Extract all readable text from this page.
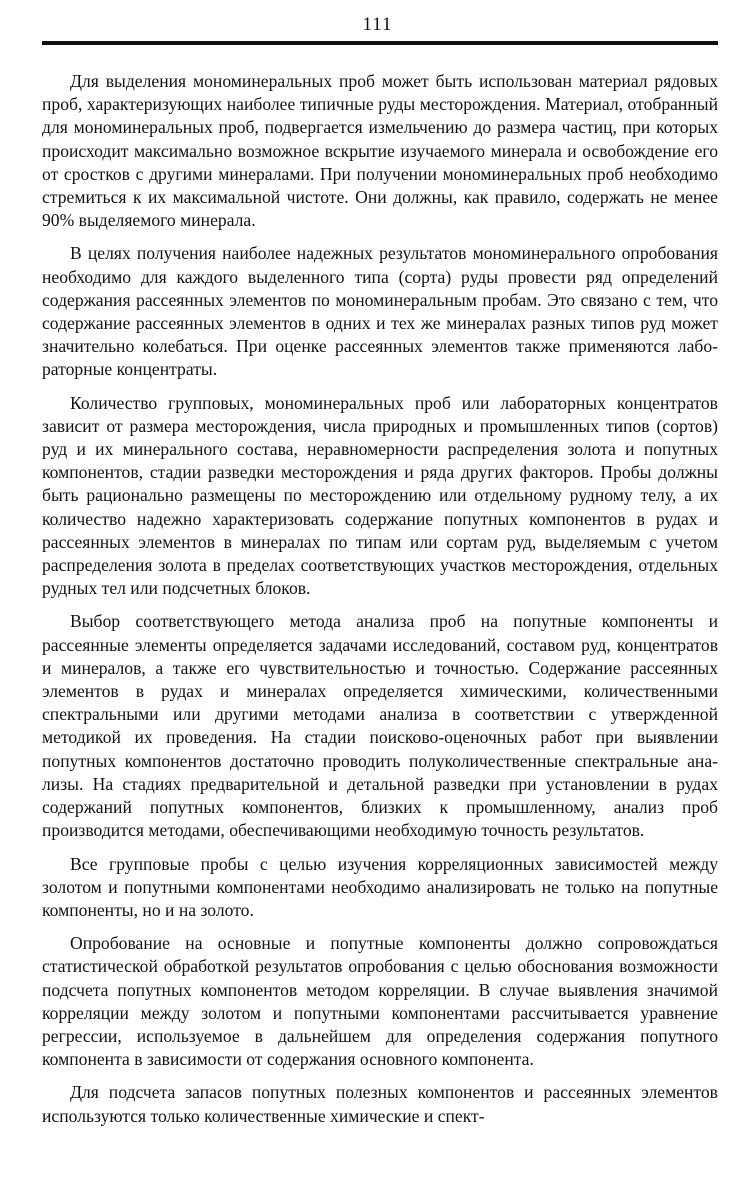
111

Для выделения мономинеральных проб может быть использован материал рядовых проб, характеризующих наиболее типичные руды месторождения. Материал, отобранный для мономинеральных проб, подвергается измельчению до размера частиц, при которых происходит максимально возможное вскрытие изучаемого минерала и освобождение его от сростков с другими минералами. При получении мономинеральных проб необходимо стремиться к их максимальной чистоте. Они должны, как правило, содержать не менее 90% выделяемого минерала.

В целях получения наиболее надежных результатов мономинерального опробования необходимо для каждого выделенного типа (сорта) руды провести ряд определений содержания рассеянных элементов по мономинеральным пробам. Это связано с тем, что содержание рассеянных элементов в одних и тех же минералах разных типов руд может значительно колебаться. При оценке рассеянных элементов также применяются лабораторные концентраты.

Количество групповых, мономинеральных проб или лабораторных концентратов зависит от размера месторождения, числа природных и промышленных типов (сортов) руд и их минерального состава, неравномерности распределения золота и попутных компонентов, стадии разведки месторождения и ряда других факторов. Пробы должны быть рационально размещены по месторождению или отдельному рудному телу, а их количество надежно характеризовать содержание попутных компонентов в рудах и рассеянных элементов в минералах по типам или сортам руд, выделяемым с учетом распределения золота в пределах соответствующих участков месторождения, отдельных рудных тел или подсчетных блоков.

Выбор соответствующего метода анализа проб на попутные компоненты и рассеянные элементы определяется задачами исследований, составом руд, концентратов и минералов, а также его чувствительностью и точностью. Содержание рассеянных элементов в рудах и минералах определяется химическими, количественными спектральными или другими методами анализа в соответствии с утвержденной методикой их проведения. На стадии поисково-оценочных работ при выявлении попутных компонентов достаточно проводить полуколичественные спектральные анализы. На стадиях предварительной и детальной разведки при установлении в рудах содержаний попутных компонентов, близких к промышленному, анализ проб производится методами, обеспечивающими необходимую точность результатов.

Все групповые пробы с целью изучения корреляционных зависимостей между золотом и попутными компонентами необходимо анализировать не только на попутные компоненты, но и на золото.

Опробование на основные и попутные компоненты должно сопровождаться статистической обработкой результатов опробования с целью обоснования возможности подсчета попутных компонентов методом корреляции. В случае выявления значимой корреляции между золотом и попутными компонентами рассчитывается уравнение регрессии, используемое в дальнейшем для определения содержания попутного компонента в зависимости от содержания основного компонента.

Для подсчета запасов попутных полезных компонентов и рассеянных элементов используются только количественные химические и спект-
